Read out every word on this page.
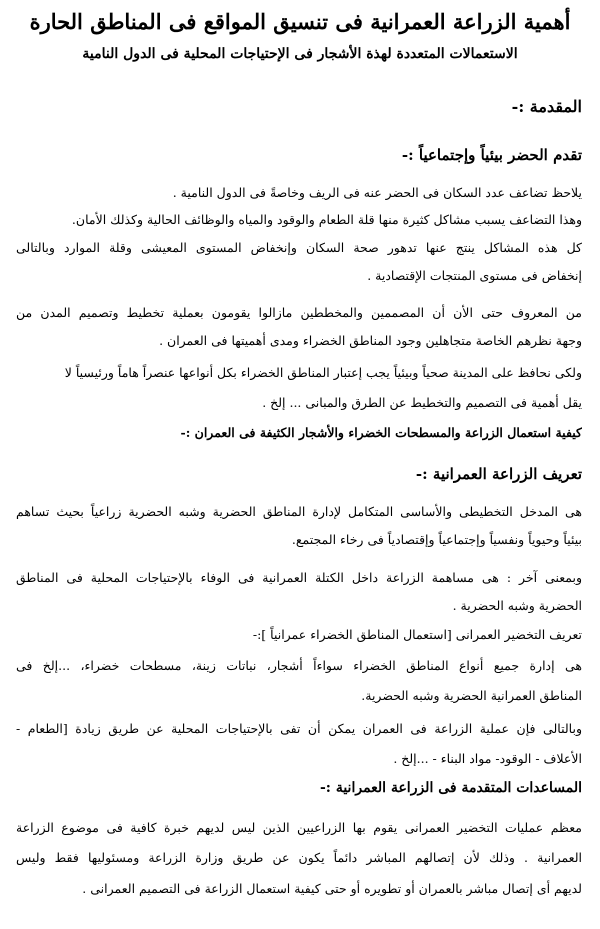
أهمية الزراعة العمرانية فى تنسيق المواقع فى المناطق الحارة
الاستعمالات المتعددة لهذة الأشجار فى الإحتياجات المحلية فى الدول النامية
المقدمة :-
تقدم الحضر بيئياً وإجتماعياً :-
يلاحظ تضاعف عدد السكان فى الحضر عنه فى الريف وخاصةً فى الدول النامية .
وهذا التضاعف يسبب مشاكل كثيرة منها قلة الطعام والوقود والمياه والوظائف الحالية وكذلك الأمان.
كل هذه المشاكل ينتج عنها تدهور صحة السكان وإنخفاض المستوى المعيشى وقلة الموارد وبالتالى
إنخفاض فى مستوى المنتجات الإقتصادية .
من المعروف حتى الأن أن المصممين والمخططين مازالوا يقومون بعملية تخطيط وتصميم المدن من
وجهة نظرهم الخاصة متجاهلين وجود المناطق الخضراء ومدى أهميتها فى العمران .
ولكى نحافظ على المدينة صحياً وبيئياً يجب إعتبار المناطق الخضراء بكل أنواعها عنصراً هاماً ورئيسياً لا
يقل أهمية فى التصميم والتخطيط عن الطرق والمبانى ... إلخ .
كيفية استعمال الزراعة والمسطحات الخضراء والأشجار الكثيفة فى العمران :-
تعريف الزراعة العمرانية :-
هى المدخل التخطيطى والأساسى المتكامل لإدارة المناطق الحضرية وشبه الحضرية زراعياً بحيث تساهم
بيئياً وحيوياً ونفسياً وإجتماعياً وإقتصادياً فى رخاء المجتمع.
وبمعنى آخر : هى مساهمة الزراعة داخل الكتلة العمرانية فى الوفاء بالإحتياجات المحلية فى المناطق
الحضرية وشبه الحضرية .
تعريف التخضير العمرانى [استعمال المناطق الخضراء عمرانياً ]:-
هى إدارة جميع أنواع المناطق الخضراء سواءاً أشجار، نباتات زينة، مسطحات خضراء، ...إلخ فى
المناطق العمرانية الحضرية وشبه الحضرية.
وبالتالى فإن عملية الزراعة فى العمران يمكن أن تفى بالإحتياجات المحلية عن طريق زيادة [الطعام -
الأعلاف - الوقود- مواد البناء - ...إلخ .
المساعدات المتقدمة فى الزراعة العمرانية :-
معظم عمليات التخضير العمرانى يقوم بها الزراعيين الذين ليس لديهم خبرة كافية فى موضوع الزراعة
العمرانية . وذلك لأن إتصالهم المباشر دائماً يكون عن طريق وزارة الزراعة ومسئوليها فقط وليس
لديهم أى إتصال مباشر بالعمران أو تطويره أو حتى كيفية استعمال الزراعة فى التصميم العمرانى .
